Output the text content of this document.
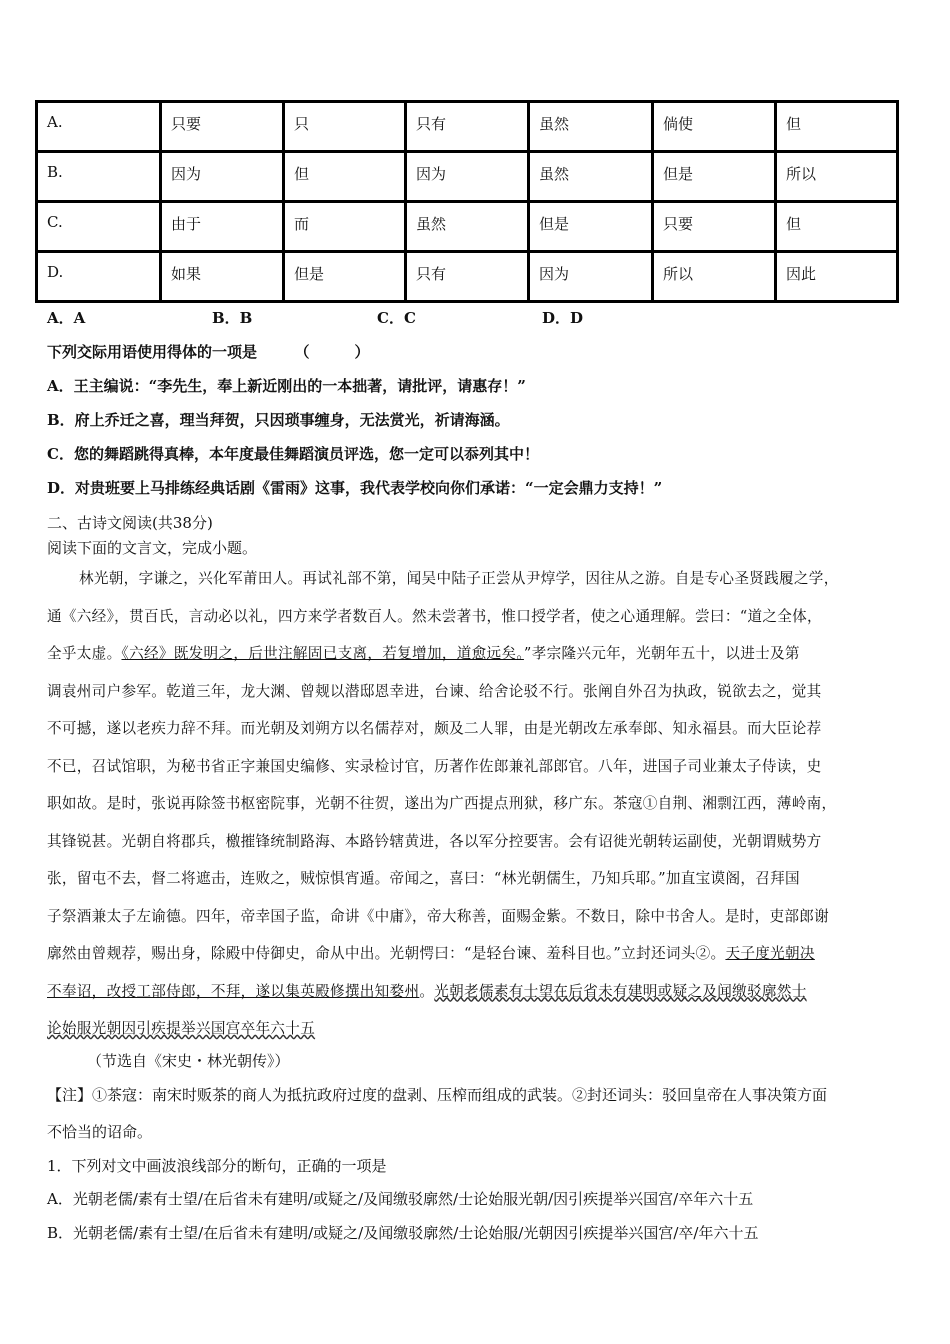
A.	只要	只	只有	虽然	倘使	但
B.	因为	但	因为	虽然	但是	所以
C.	由于	而	虽然	但是	只要	但
D.	如果	但是	只有	因为	所以	因此
A．A	B．B	C．C	D．D
下列交际用语使用得体的一项是　　　（　　　）
A．王主编说：“李先生，奉上新近刚出的一本拙著，请批评，请惠存！”
B．府上乔迁之喜，理当拜贺，只因琐事缠身，无法赏光，祈请海涵。
C．您的舞蹈跳得真棒，本年度最佳舞蹈演员评选，您一定可以忝列其中！
D．对贵班要上马排练经典话剧《雷雨》这事，我代表学校向你们承诺：“一定会鼎力支持！”
二、古诗文阅读(共38分)
阅读下面的文言文，完成小题。
林光朝，字谦之，兴化军莆田人。再试礼部不第，闻吴中陆子正尝从尹焞学，因往从之游。自是专心圣贤践履之学，
通《六经》，贯百氏，言动必以礼，四方来学者数百人。然未尝著书，惟口授学者，使之心通理解。尝曰：“道之全体，
全乎太虚。《六经》既发明之，后世注解固已支离，若复增加，道愈远矣。”孝宗隆兴元年，光朝年五十，以进士及第
调袁州司户参军。乾道三年，龙大渊、曾觌以潜邸恩幸进，台谏、给舍论驳不行。张阐自外召为执政，锐欲去之，觉其
不可撼，遂以老疾力辞不拜。而光朝及刘朔方以名儒荐对，颇及二人罪，由是光朝改左承奉郎、知永福县。而大臣论荐
不已，召试馆职，为秘书省正字兼国史编修、实录检讨官，历著作佐郎兼礼部郎官。八年，进国子司业兼太子侍读，史
职如故。是时，张说再除签书枢密院事，光朝不往贺，遂出为广西提点刑狱，移广东。茶寇①自荆、湘剽江西，薄岭南，
其锋锐甚。光朝自将郡兵，檄摧锋统制路海、本路钤辖黄进，各以军分控要害。会有诏徙光朝转运副使，光朝谓贼势方
张，留屯不去，督二将遮击，连败之，贼惊惧宵遁。帝闻之，喜曰：“林光朝儒生，乃知兵耶。”加直宝谟阁，召拜国
子祭酒兼太子左谕德。四年，帝幸国子监，命讲《中庸》，帝大称善，面赐金紫。不数日，除中书舍人。是时，吏部郎谢
廓然由曾觌荐，赐出身，除殿中侍御史，命从中出。光朝愕曰：“是轻台谏、羞科目也。”立封还词头②。天子度光朝决
不奉诏，改授工部侍郎，不拜，遂以集英殿修撰出知婺州。光朝老儒素有士望在后省未有建明或疑之及闻缴驳廓然士
论始服光朝因引疾提举兴国宫卒年六十五
（节选自《宋史・林光朝传》）
【注】①茶寇：南宋时贩茶的商人为抵抗政府过度的盘剥、压榨而组成的武装。②封还词头：驳回皇帝在人事决策方面
不恰当的诏命。
1．下列对文中画波浪线部分的断句，正确的一项是
A．光朝老儒/素有士望/在后省未有建明/或疑之/及闻缴驳廓然/士论始服光朝/因引疾提举兴国宫/卒年六十五
B．光朝老儒/素有士望/在后省未有建明/或疑之/及闻缴驳廓然/士论始服/光朝因引疾提举兴国宫/卒/年六十五
